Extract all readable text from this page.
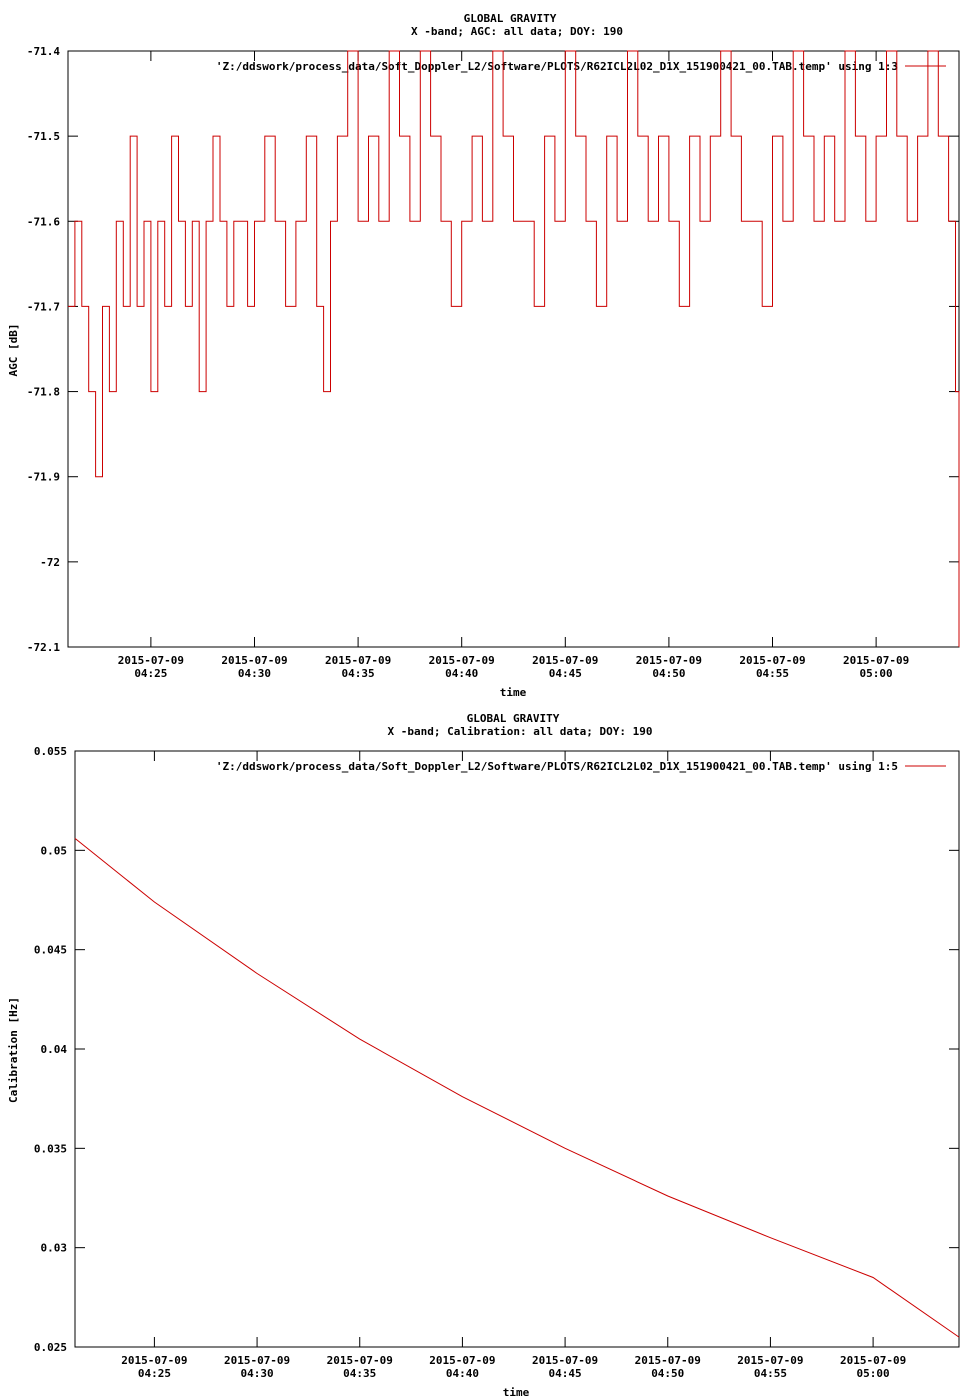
GLOBAL GRAVITY
X -band; AGC: all data; DOY: 190
-71.4
-71.5
-71.6
-71.7
-71.8
-71.9
-72
-72.1
2015-07-09
04:25
2015-07-09
04:30
2015-07-09
04:35
2015-07-09
04:40
2015-07-09
04:45
2015-07-09
04:50
2015-07-09
04:55
2015-07-09
05:00
AGC [dB]
time
'Z:/ddswork/process_data/Soft_Doppler_L2/Software/PLOTS/R62ICL2L02_D1X_151900421_00.TAB.temp' using 1:3
GLOBAL GRAVITY
X -band; Calibration: all data; DOY: 190
0.055
0.05
0.045
0.04
0.035
0.03
0.025
2015-07-09
04:25
2015-07-09
04:30
2015-07-09
04:35
2015-07-09
04:40
2015-07-09
04:45
2015-07-09
04:50
2015-07-09
04:55
2015-07-09
05:00
Calibration [Hz]
time
'Z:/ddswork/process_data/Soft_Doppler_L2/Software/PLOTS/R62ICL2L02_D1X_151900421_00.TAB.temp' using 1:5
